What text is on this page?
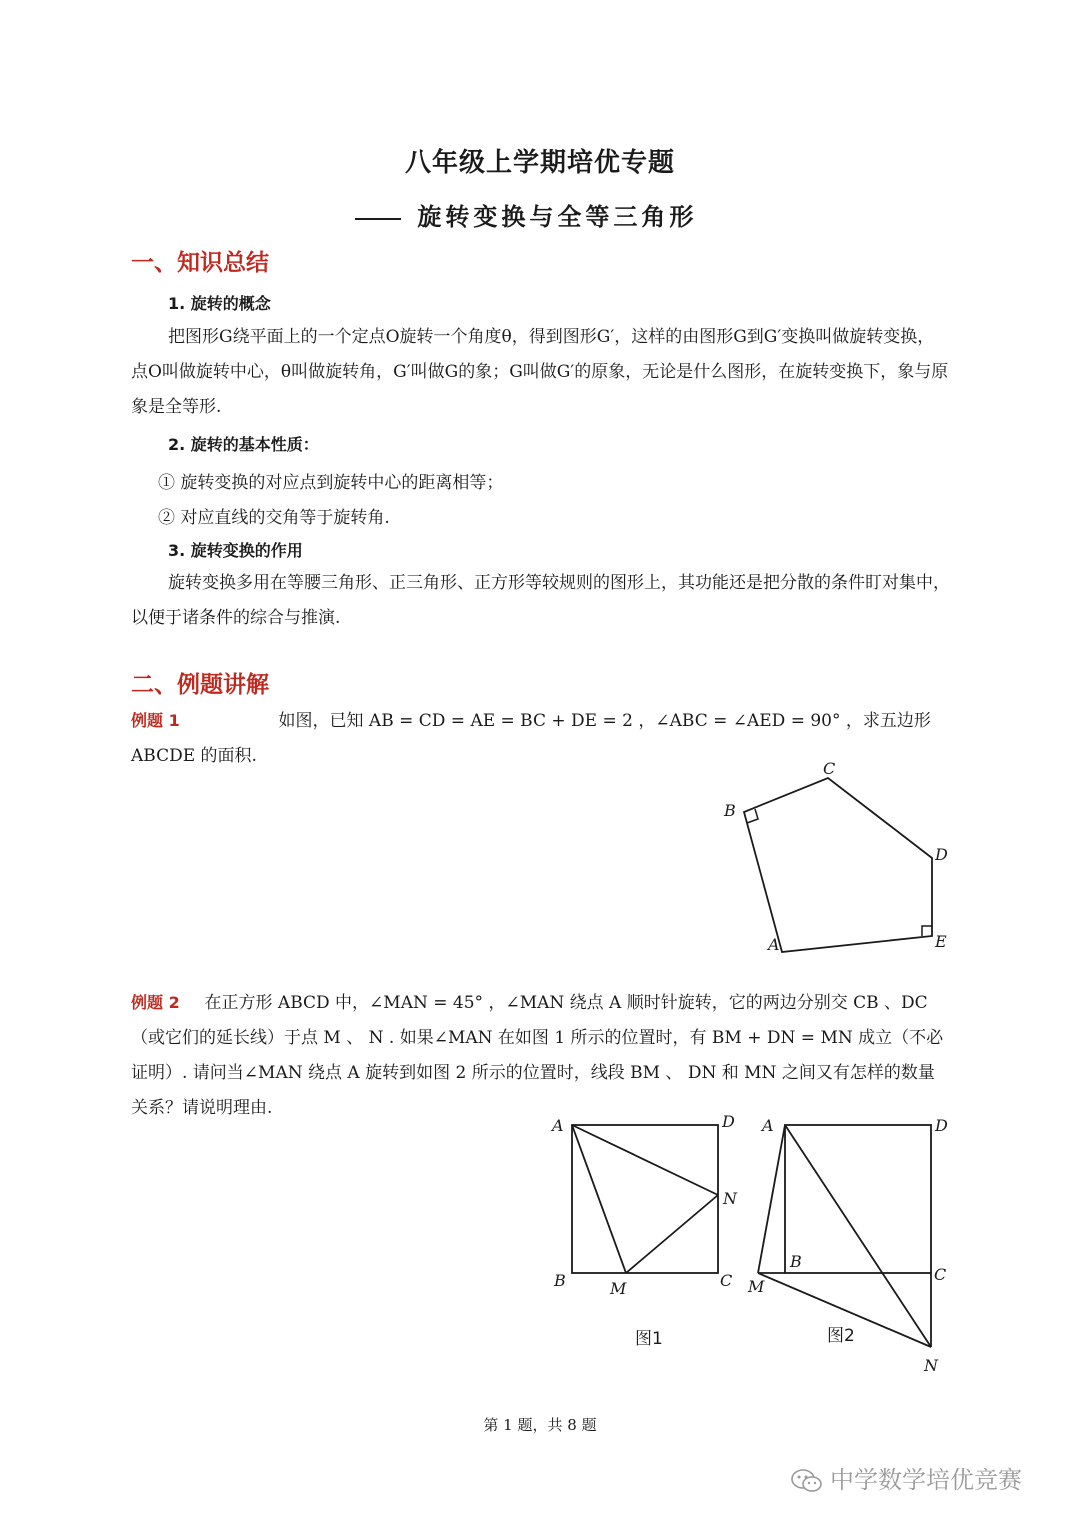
八年级上学期培优专题
旋转变换与全等三角形
一、知识总结
1. 旋转的概念
把图形G绕平面上的一个定点O旋转一个角度θ，得到图形G′，这样的由图形G到G′变换叫做旋转变换，点O叫做旋转中心，θ叫做旋转角，G′叫做G的象；G叫做G′的原象，无论是什么图形，在旋转变换下，象与原象是全等形.
2. 旋转的基本性质：
① 旋转变换的对应点到旋转中心的距离相等；
② 对应直线的交角等于旋转角.
3. 旋转变换的作用
旋转变换多用在等腰三角形、正三角形、正方形等较规则的图形上，其功能还是把分散的条件盯对集中，以便于诸条件的综合与推演.
二、例题讲解
例题 1	如图，已知 AB = CD = AE = BC + DE = 2 ，∠ABC = ∠AED = 90° ，求五边形 ABCDE 的面积.
A
B
C
D
E
例题 2 在正方形 ABCD 中，∠MAN = 45° ，∠MAN 绕点 A 顺时针旋转，它的两边分别交 CB 、DC （或它们的延长线）于点 M 、 N . 如果∠MAN 在如图 1 所示的位置时，有 BM + DN = MN 成立（不必证明）. 请问当∠MAN 绕点 A 旋转到如图 2 所示的位置时，线段 BM 、 DN 和 MN 之间又有怎样的数量关系？请说明理由.
A
B	C
D
M
N
图1
A
B
C
D
M
N
图2
第 1 题，共 8 题
中学数学培优竞赛
